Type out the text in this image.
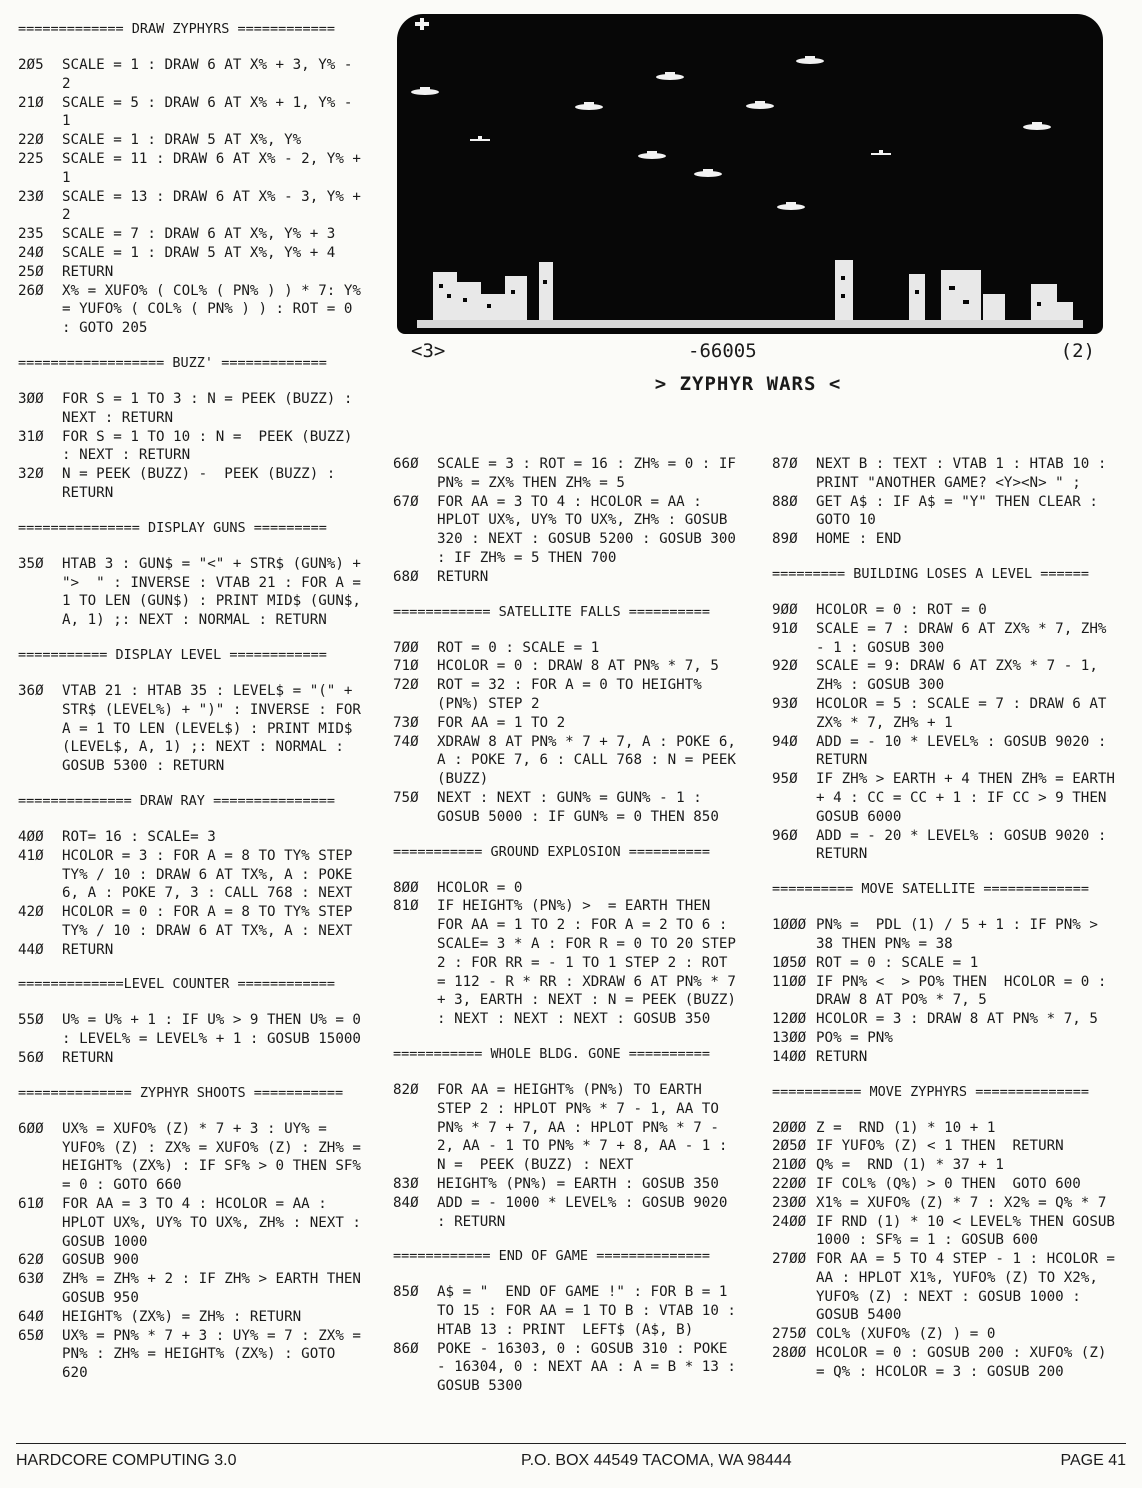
============= DRAW ZYPHYRS ============
2Ø5	SCALE = 1 : DRAW 6 AT X% + 3, Y% - 2
21Ø	SCALE = 5 : DRAW 6 AT X% + 1, Y% - 1
22Ø	SCALE = 1 : DRAW 5 AT X%, Y%
225	SCALE = 11 : DRAW 6 AT X% - 2, Y% + 1
23Ø	SCALE = 13 : DRAW 6 AT X% - 3, Y% + 2
235	SCALE = 7 : DRAW 6 AT X%, Y% + 3
24Ø	SCALE = 1 : DRAW 5 AT X%, Y% + 4
25Ø	RETURN
26Ø	X% = XUFO% ( COL% ( PN% ) ) * 7: Y% = YUFO% ( COL% ( PN% ) ) : ROT = 0 : GOTO 205
================== BUZZ' =============
3ØØ	FOR S = 1 TO 3 : N = PEEK (BUZZ) : NEXT : RETURN
31Ø	FOR S = 1 TO 10 : N =  PEEK (BUZZ) : NEXT : RETURN
32Ø	N = PEEK (BUZZ) -  PEEK (BUZZ) : RETURN
=============== DISPLAY GUNS =========
35Ø	HTAB 3 : GUN$ = "<" + STR$ (GUN%) + ">  " : INVERSE : VTAB 21 : FOR A = 1 TO LEN (GUN$) : PRINT MID$ (GUN$, A, 1) ;: NEXT : NORMAL : RETURN
=========== DISPLAY LEVEL ============
36Ø	VTAB 21 : HTAB 35 : LEVEL$ = "(" + STR$ (LEVEL%) + ")" : INVERSE : FOR A = 1 TO LEN (LEVEL$) : PRINT MID$ (LEVEL$, A, 1) ;: NEXT : NORMAL : GOSUB 5300 : RETURN
============== DRAW RAY ===============
4ØØ	ROT= 16 : SCALE= 3
41Ø	HCOLOR = 3 : FOR A = 8 TO TY% STEP TY% / 10 : DRAW 6 AT TX%, A : POKE 6, A : POKE 7, 3 : CALL 768 : NEXT
42Ø	HCOLOR = 0 : FOR A = 8 TO TY% STEP TY% / 10 : DRAW 6 AT TX%, A : NEXT
44Ø	RETURN
=============LEVEL COUNTER ============
55Ø	U% = U% + 1 : IF U% > 9 THEN U% = 0 : LEVEL% = LEVEL% + 1 : GOSUB 15000
56Ø	RETURN
============== ZYPHYR SHOOTS ===========
6ØØ	UX% = XUFO% (Z) * 7 + 3 : UY% = YUFO% (Z) : ZX% = XUFO% (Z) : ZH% = HEIGHT% (ZX%) : IF SF% > 0 THEN SF% = 0 : GOTO 660
61Ø	FOR AA = 3 TO 4 : HCOLOR = AA : HPLOT UX%, UY% TO UX%, ZH% : NEXT : GOSUB 1000
62Ø	GOSUB 900
63Ø	ZH% = ZH% + 2 : IF ZH% > EARTH THEN  GOSUB 950
64Ø	HEIGHT% (ZX%) = ZH% : RETURN
65Ø	UX% = PN% * 7 + 3 : UY% = 7 : ZX% = PN% : ZH% = HEIGHT% (ZX%) : GOTO 620
<3>	-66005	(2)
> ZYPHYR WARS <
66Ø	SCALE = 3 : ROT = 16 : ZH% = 0 : IF PN% = ZX% THEN ZH% = 5
67Ø	FOR AA = 3 TO 4 : HCOLOR = AA : HPLOT UX%, UY% TO UX%, ZH% : GOSUB 320 : NEXT : GOSUB 5200 : GOSUB 300 : IF ZH% = 5 THEN 700
68Ø	RETURN
============ SATELLITE FALLS ==========
7ØØ	ROT = 0 : SCALE = 1
71Ø	HCOLOR = 0 : DRAW 8 AT PN% * 7, 5
72Ø	ROT = 32 : FOR A = 0 TO HEIGHT% (PN%) STEP 2
73Ø	FOR AA = 1 TO 2
74Ø	XDRAW 8 AT PN% * 7 + 7, A : POKE 6, A : POKE 7, 6 : CALL 768 : N = PEEK (BUZZ)
75Ø	NEXT : NEXT : GUN% = GUN% - 1 : GOSUB 5000 : IF GUN% = 0 THEN 850
=========== GROUND EXPLOSION ==========
8ØØ	HCOLOR = 0
81Ø	IF HEIGHT% (PN%) >  = EARTH THEN FOR AA = 1 TO 2 : FOR A = 2 TO 6 : SCALE= 3 * A : FOR R = 0 TO 20 STEP 2 : FOR RR = - 1 TO 1 STEP 2 : ROT = 112 - R * RR : XDRAW 6 AT PN% * 7 + 3, EARTH : NEXT : N = PEEK (BUZZ) : NEXT : NEXT : NEXT : GOSUB 350
=========== WHOLE BLDG. GONE ==========
82Ø	FOR AA = HEIGHT% (PN%) TO EARTH STEP 2 : HPLOT PN% * 7 - 1, AA TO PN% * 7 + 7, AA : HPLOT PN% * 7 - 2, AA - 1 TO PN% * 7 + 8, AA - 1 : N =  PEEK (BUZZ) : NEXT
83Ø	HEIGHT% (PN%) = EARTH : GOSUB 350
84Ø	ADD = - 1000 * LEVEL% : GOSUB 9020 : RETURN
============ END OF GAME ==============
85Ø	A$ = "  END OF GAME !" : FOR B = 1 TO 15 : FOR AA = 1 TO B : VTAB 10 : HTAB 13 : PRINT  LEFT$ (A$, B)
86Ø	POKE - 16303, 0 : GOSUB 310 : POKE - 16304, 0 : NEXT AA : A = B * 13 : GOSUB 5300
87Ø	NEXT B : TEXT : VTAB 1 : HTAB 10 : PRINT "ANOTHER GAME? <Y><N> " ;
88Ø	GET A$ : IF A$ = "Y" THEN CLEAR : GOTO 10
89Ø	HOME : END
========= BUILDING LOSES A LEVEL ======
9ØØ	HCOLOR = 0 : ROT = 0
91Ø	SCALE = 7 : DRAW 6 AT ZX% * 7, ZH% - 1 : GOSUB 300
92Ø	SCALE = 9: DRAW 6 AT ZX% * 7 - 1, ZH% : GOSUB 300
93Ø	HCOLOR = 5 : SCALE = 7 : DRAW 6 AT ZX% * 7, ZH% + 1
94Ø	ADD = - 10 * LEVEL% : GOSUB 9020 : RETURN
95Ø	IF ZH% > EARTH + 4 THEN ZH% = EARTH + 4 : CC = CC + 1 : IF CC > 9 THEN  GOSUB 6000
96Ø	ADD = - 20 * LEVEL% : GOSUB 9020 : RETURN
========== MOVE SATELLITE =============
1ØØØ PN% =  PDL (1) / 5 + 1 : IF PN% > 38 THEN PN% = 38
1Ø5Ø ROT = 0 : SCALE = 1
11ØØ IF PN% <  > PO% THEN  HCOLOR = 0 : DRAW 8 AT PO% * 7, 5
12ØØ HCOLOR = 3 : DRAW 8 AT PN% * 7, 5
13ØØ PO% = PN%
14ØØ RETURN
=========== MOVE ZYPHYRS ==============
2ØØØ Z =  RND (1) * 10 + 1
2Ø5Ø IF YUFO% (Z) < 1 THEN  RETURN
21ØØ Q% =  RND (1) * 37 + 1
22ØØ IF COL% (Q%) > 0 THEN  GOTO 600
23ØØ X1% = XUFO% (Z) * 7 : X2% = Q% * 7
24ØØ IF RND (1) * 10 < LEVEL% THEN GOSUB 1000 : SF% = 1 : GOSUB 600
27ØØ FOR AA = 5 TO 4 STEP - 1 : HCOLOR = AA : HPLOT X1%, YUFO% (Z) TO X2%, YUFO% (Z) : NEXT : GOSUB 1000 : GOSUB 5400
275Ø COL% (XUFO% (Z) ) = 0
28ØØ HCOLOR = 0 : GOSUB 200 : XUFO% (Z) = Q% : HCOLOR = 3 : GOSUB 200
HARDCORE COMPUTING 3.0	P.O. BOX 44549 TACOMA, WA 98444	PAGE 41
